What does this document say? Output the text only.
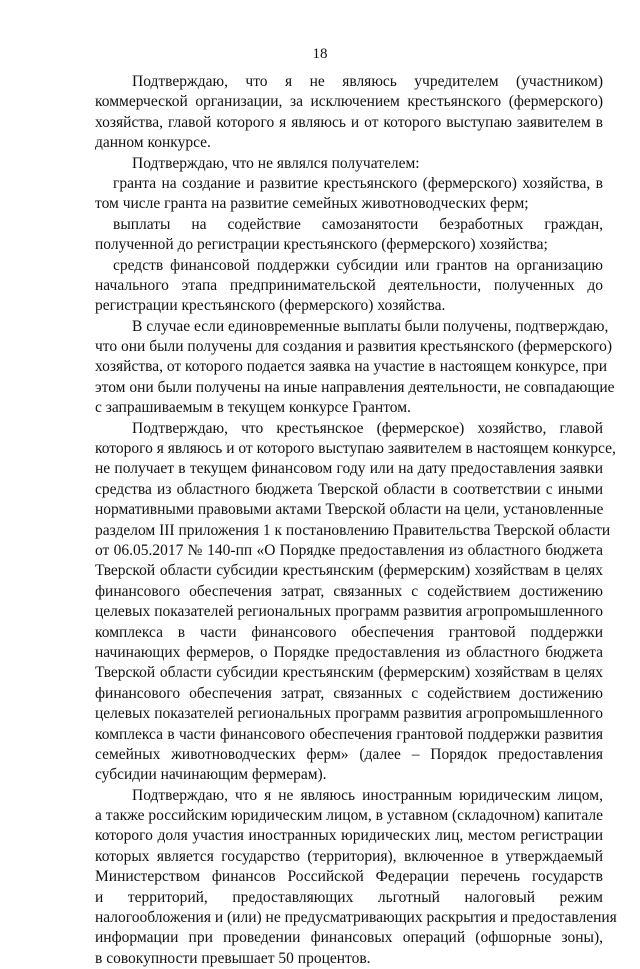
18
Подтверждаю, что я не являюсь учредителем (участником)
коммерческой организации, за исключением крестьянского (фермерского)
хозяйства, главой которого я являюсь и от которого выступаю заявителем в
данном конкурсе.
Подтверждаю, что не являлся получателем:
гранта на создание и развитие крестьянского (фермерского) хозяйства, в
том числе гранта на развитие семейных животноводческих ферм;
выплаты на содействие самозанятости безработных граждан,
полученной до регистрации крестьянского (фермерского) хозяйства;
средств финансовой поддержки субсидии или грантов на организацию
начального этапа предпринимательской деятельности, полученных до
регистрации крестьянского (фермерского) хозяйства.
В случае если единовременные выплаты были получены, подтверждаю,
что они были получены для создания и развития крестьянского (фермерского)
хозяйства, от которого подается заявка на участие в настоящем конкурсе, при
этом они были получены на иные направления деятельности, не совпадающие
с запрашиваемым в текущем конкурсе Грантом.
Подтверждаю, что крестьянское (фермерское) хозяйство, главой
которого я являюсь и от которого выступаю заявителем в настоящем конкурсе,
не получает в текущем финансовом году или на дату предоставления заявки
средства из областного бюджета Тверской области в соответствии с иными
нормативными правовыми актами Тверской области на цели, установленные
разделом III приложения 1 к постановлению Правительства Тверской области
от 06.05.2017 № 140-пп «О Порядке предоставления из областного бюджета
Тверской области субсидии крестьянским (фермерским) хозяйствам в целях
финансового обеспечения затрат, связанных с содействием достижению
целевых показателей региональных программ развития агропромышленного
комплекса в части финансового обеспечения грантовой поддержки
начинающих фермеров, о Порядке предоставления из областного бюджета
Тверской области субсидии крестьянским (фермерским) хозяйствам в целях
финансового обеспечения затрат, связанных с содействием достижению
целевых показателей региональных программ развития агропромышленного
комплекса в части финансового обеспечения грантовой поддержки развития
семейных животноводческих ферм» (далее – Порядок предоставления
субсидии начинающим фермерам).
Подтверждаю, что я не являюсь иностранным юридическим лицом,
а также российским юридическим лицом, в уставном (складочном) капитале
которого доля участия иностранных юридических лиц, местом регистрации
которых является государство (территория), включенное в утверждаемый
Министерством финансов Российской Федерации перечень государств
и территорий, предоставляющих льготный налоговый режим
налогообложения и (или) не предусматривающих раскрытия и предоставления
информации при проведении финансовых операций (офшорные зоны),
в совокупности превышает 50 процентов.
